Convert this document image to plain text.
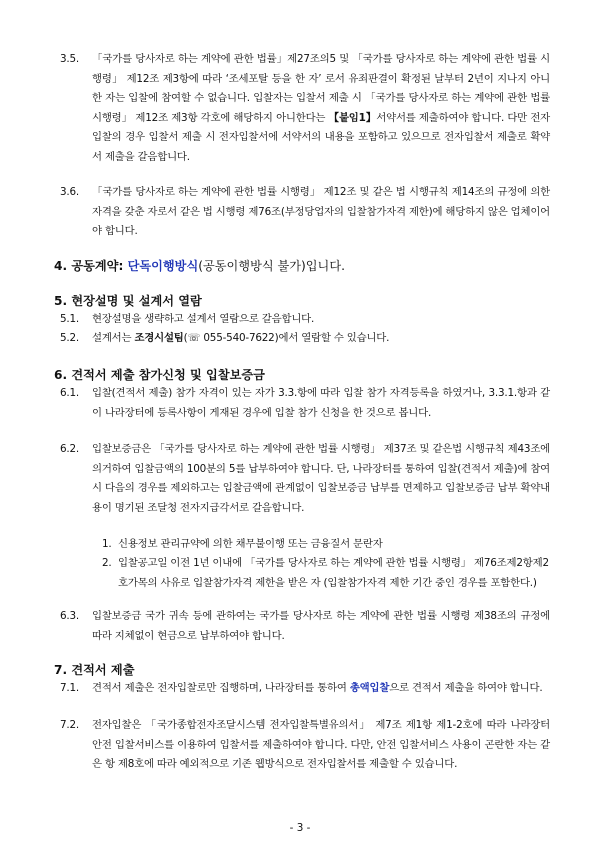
3.5.	「국가를 당사자로 하는 계약에 관한 법률」제27조의5 및 「국가를 당사자로 하는 계약에 관한 법률 시행령」 제12조 제3항에 따라 ‘조세포탈 등을 한 자’ 로서 유죄판결이 확정된 날부터 2년이 지나지 아니한 자는 입찰에 참여할 수 없습니다. 입찰자는 입찰서 제출 시 「국가를 당사자로 하는 계약에 관한 법률 시행령」 제12조 제3항 각호에 해당하지 아니한다는 【붙임1】서약서를 제출하여야 합니다. 다만 전자입찰의 경우 입찰서 제출 시 전자입찰서에 서약서의 내용을 포함하고 있으므로 전자입찰서 제출로 확약서 제출을 갈음합니다.
3.6.	「국가를 당사자로 하는 계약에 관한 법률 시행령」 제12조 및 같은 법 시행규칙 제14조의 규정에 의한 자격을 갖춘 자로서 같은 법 시행령 제76조(부정당업자의 입찰참가자격 제한)에 해당하지 않은 업체이어야 합니다.
4. 공동계약: 단독이행방식(공동이행방식 불가)입니다.
5. 현장설명 및 설계서 열람
5.1.	현장설명을 생략하고 설계서 열람으로 갈음합니다.
5.2.	설계서는 조경시설팀(☏ 055-540-7622)에서 열람할 수 있습니다.
6. 견적서 제출 참가신청 및 입찰보증금
6.1.	입찰(견적서 제출) 참가 자격이 있는 자가 3.3.항에 따라 입찰 참가 자격등록을 하였거나, 3.3.1.항과 같이 나라장터에 등록사항이 게재된 경우에 입찰 참가 신청을 한 것으로 봅니다.
6.2.	입찰보증금은 「국가를 당사자로 하는 계약에 관한 법률 시행령」 제37조 및 같은법 시행규칙 제43조에 의거하여 입찰금액의 100분의 5를 납부하여야 합니다. 단, 나라장터를 통하여 입찰(견적서 제출)에 참여 시 다음의 경우를 제외하고는 입찰금액에 관계없이 입찰보증금 납부를 면제하고 입찰보증금 납부 확약내용이 명기된 조달청 전자지급각서로 갈음합니다.
1. 신용정보 관리규약에 의한 채무불이행 또는 금융질서 문란자
2. 입찰공고일 이전 1년 이내에 「국가를 당사자로 하는 계약에 관한 법률 시행령」 제76조제2항제2호가목의 사유로 입찰참가자격 제한을 받은 자 (입찰참가자격 제한 기간 중인 경우를 포함한다.)
6.3.	입찰보증금 국가 귀속 등에 관하여는 국가를 당사자로 하는 계약에 관한 법률 시행령 제38조의 규정에 따라 지체없이 현금으로 납부하여야 합니다.
7. 견적서 제출
7.1.	견적서 제출은 전자입찰로만 집행하며, 나라장터를 통하여 총액입찰으로 견적서 제출을 하여야 합니다.
7.2.	전자입찰은 「국가종합전자조달시스템 전자입찰특별유의서」 제7조 제1항 제1-2호에 따라 나라장터 안전 입찰서비스를 이용하여 입찰서를 제출하여야 합니다. 다만, 안전 입찰서비스 사용이 곤란한 자는 같은 항 제8호에 따라 예외적으로 기존 웹방식으로 전자입찰서를 제출할 수 있습니다.
- 3 -
